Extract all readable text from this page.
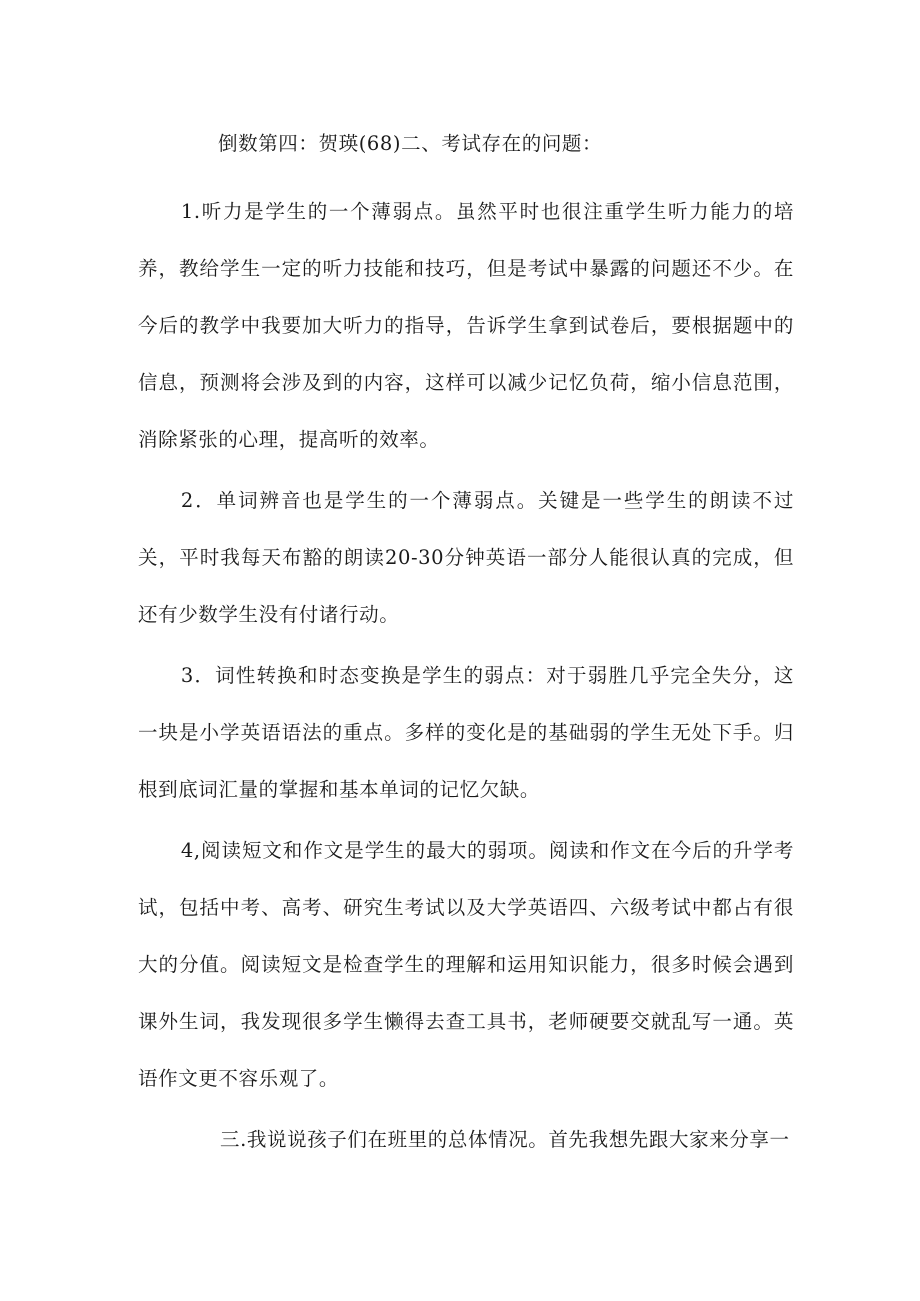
倒数第四：贺瑛(68)二、考试存在的问题：

1.听力是学生的一个薄弱点。虽然平时也很注重学生听力能力的培养，教给学生一定的听力技能和技巧，但是考试中暴露的问题还不少。在今后的教学中我要加大听力的指导，告诉学生拿到试卷后，要根据题中的信息，预测将会涉及到的内容，这样可以减少记忆负荷，缩小信息范围，消除紧张的心理，提高听的效率。

2．单词辨音也是学生的一个薄弱点。关键是一些学生的朗读不过关，平时我每天布豁的朗读20-30分钟英语一部分人能很认真的完成，但还有少数学生没有付诸行动。

3．词性转换和时态变换是学生的弱点：对于弱胜几乎完全失分，这一块是小学英语语法的重点。多样的变化是的基础弱的学生无处下手。归根到底词汇量的掌握和基本单词的记忆欠缺。

4,阅读短文和作文是学生的最大的弱项。阅读和作文在今后的升学考试，包括中考、高考、研究生考试以及大学英语四、六级考试中都占有很大的分值。阅读短文是检查学生的理解和运用知识能力，很多时候会遇到课外生词，我发现很多学生懒得去查工具书，老师硬要交就乱写一通。英语作文更不容乐观了。

三.我说说孩子们在班里的总体情况。首先我想先跟大家来分享一
